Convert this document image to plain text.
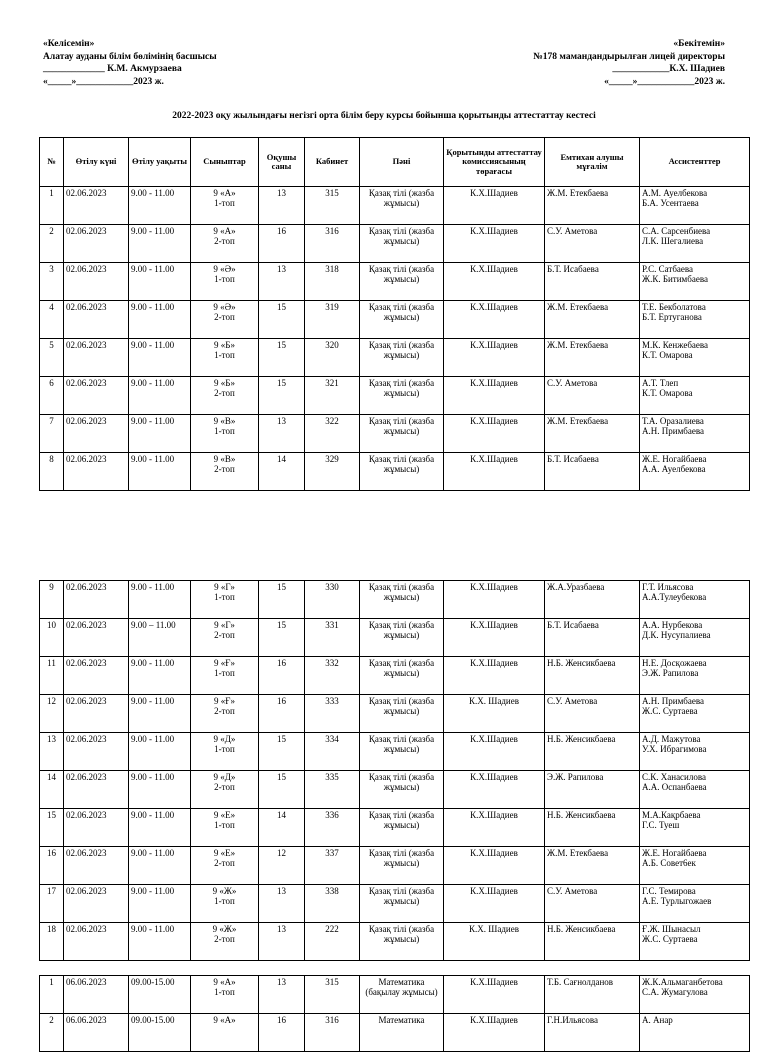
«Келісемін»
Алатау ауданы білім бөлімінің басшысы
_____________ К.М. Акмурзаева
«_____»____________2023 ж.
«Бекітемін»
№178 мамандандырылған лицей директоры
____________К.Х. Шадиев
«_____»____________2023 ж.
2022-2023 оқу жылындағы негізгі орта білім беру курсы бойынша қорытынды аттестаттау кестесі
№	Өтілу күні	Өтілу уақыты	Сыныптар	Оқушы саны	Кабинет	Пәні	Қорытынды аттестаттау комиссиясының төрағасы	Емтихан алушы мұғалім	Ассистенттер
1	02.06.2023	9.00 - 11.00	9 «А»
1-топ	13	315	Қазақ тілі (жазба жұмысы)	К.Х.Шадиев	Ж.М. Етекбаева	А.М. Ауелбекова
Б.А. Усентаева

2	02.06.2023	9.00 - 11.00	9 «А»
2-топ	16	316	Қазақ тілі (жазба жұмысы)	К.Х.Шадиев	С.У. Аметова	С.А. Сарсенбиева
Л.К. Шегалиева

3	02.06.2023	9.00 - 11.00	9 «Ә»
1-топ	13	318	Қазақ тілі (жазба жұмысы)	К.Х.Шадиев	Б.Т. Исабаева	Р.С. Сатбаева
Ж.К. Битимбаева

4	02.06.2023	9.00 - 11.00	9 «Ә»
2-топ	15	319	Қазақ тілі (жазба жұмысы)	К.Х.Шадиев	Ж.М. Етекбаева	Т.Е. Бекболатова
Б.Т. Ертуганова

5	02.06.2023	9.00 - 11.00	9 «Б»
1-топ	15	320	Қазақ тілі (жазба жұмысы)	К.Х.Шадиев	Ж.М. Етекбаева	М.К. Кенжебаева
К.Т. Омарова

6	02.06.2023	9.00 - 11.00	9 «Б»
2-топ	15	321	Қазақ тілі (жазба жұмысы)	К.Х.Шадиев	С.У. Аметова	А.Т. Тлеп
К.Т. Омарова

7	02.06.2023	9.00 - 11.00	9 «В»
1-топ	13	322	Қазақ тілі (жазба жұмысы)	К.Х.Шадиев	Ж.М. Етекбаева	Т.А. Оразалиева
А.Н. Примбаева

8	02.06.2023	9.00 - 11.00	9 «В»
2-топ	14	329	Қазақ тілі (жазба жұмысы)	К.Х.Шадиев	Б.Т. Исабаева	Ж.Е. Ногайбаева
А.А. Ауелбекова
9	02.06.2023	9.00 - 11.00	9 «Г»
1-топ	15	330	Қазақ тілі (жазба жұмысы)	К.Х.Шадиев	Ж.А.Уразбаева	Г.Т. Ильясова
А.А.Тулеубекова

10	02.06.2023	9.00 – 11.00	9 «Г»
2-топ	15	331	Қазақ тілі (жазба жұмысы)	К.Х.Шадиев	Б.Т. Исабаева	А.А. Нурбекова
Д.К. Нусупалиева

11	02.06.2023	9.00 - 11.00	9 «Ғ»
1-топ	16	332	Қазақ тілі (жазба жұмысы)	К.Х.Шадиев	Н.Б. Женсикбаева	Н.Е. Досқожаева
Э.Ж. Рапилова

12	02.06.2023	9.00 - 11.00	9 «Ғ»
2-топ	16	333	Қазақ тілі (жазба жұмысы)	К.Х. Шадиев	С.У. Аметова	А.Н. Примбаева
Ж.С. Суртаева

13	02.06.2023	9.00 - 11.00	9 «Д»
1-топ	15	334	Қазақ тілі (жазба жұмысы)	К.Х.Шадиев	Н.Б. Женсикбаева	А.Д. Мажутова
У.Х. Ибрагимова

14	02.06.2023	9.00 - 11.00	9 «Д»
2-топ	15	335	Қазақ тілі (жазба жұмысы)	К.Х.Шадиев	Э.Ж. Рапилова	С.К. Ханасилова
А.А. Оспанбаева

15	02.06.2023	9.00 - 11.00	9 «Е»
1-топ	14	336	Қазақ тілі (жазба жұмысы)	К.Х.Шадиев	Н.Б. Женсикбаева	М.А.Кақрбаева
Г.С. Туеш

16	02.06.2023	9.00 - 11.00	9 «Е»
2-топ	12	337	Қазақ тілі (жазба жұмысы)	К.Х.Шадиев	Ж.М. Етекбаева	Ж.Е. Ногайбаева
А.Б. Совет6ек

17	02.06.2023	9.00 - 11.00	9 «Ж»
1-топ	13	338	Қазақ тілі (жазба жұмысы)	К.Х.Шадиев	С.У. Аметова	Г.С. Темирова
А.Е. Турлыгожаев

18	02.06.2023	9.00 - 11.00	9 «Ж»
2-топ	13	222	Қазақ тілі (жазба жұмысы)	К.Х. Шадиев	Н.Б. Женсикбаева	Ғ.Ж. Шынасыл
Ж.С. Суртаева
1	06.06.2023	09.00-15.00	9 «А»
1-топ	13	315	Математика (бақылау жұмысы)	К.Х.Шадиев	Т.Б. Сағнолданов	Ж.К.Альмаганбетова
С.А. Жумагулова

2	06.06.2023	09.00-15.00	9 «А»	16	316	Математика	К.Х.Шадиев	Г.Н.Ильясова	А. Анар
